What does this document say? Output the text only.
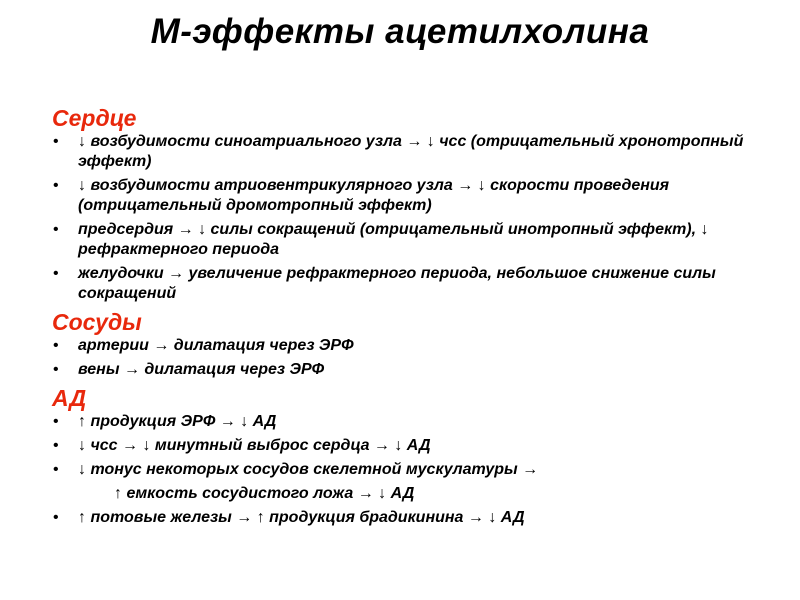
М-эффекты ацетилхолина

Сердце

• ↓ возбудимости синоатриального узла → ↓ чсс (отрицательный хронотропный эффект)
• ↓ возбудимости атриовентрикулярного узла → ↓ скорости проведения (отрицательный дромотропный эффект)
• предсердия → ↓ силы сокращений (отрицательный инотропный эффект), ↓ рефрактерного периода
• желудочки → увеличение рефрактерного периода, небольшое снижение силы сокращений

Сосуды

• артерии → дилатация через ЭРФ
• вены → дилатация через ЭРФ

АД

• ↑ продукция ЭРФ → ↓ АД
• ↓ чсс → ↓ минутный выброс сердца → ↓ АД
• ↓ тонус некоторых сосудов скелетной мускулатуры →
↑ емкость сосудистого ложа → ↓ АД
• ↑ потовые железы → ↑ продукция брадикинина → ↓ АД
